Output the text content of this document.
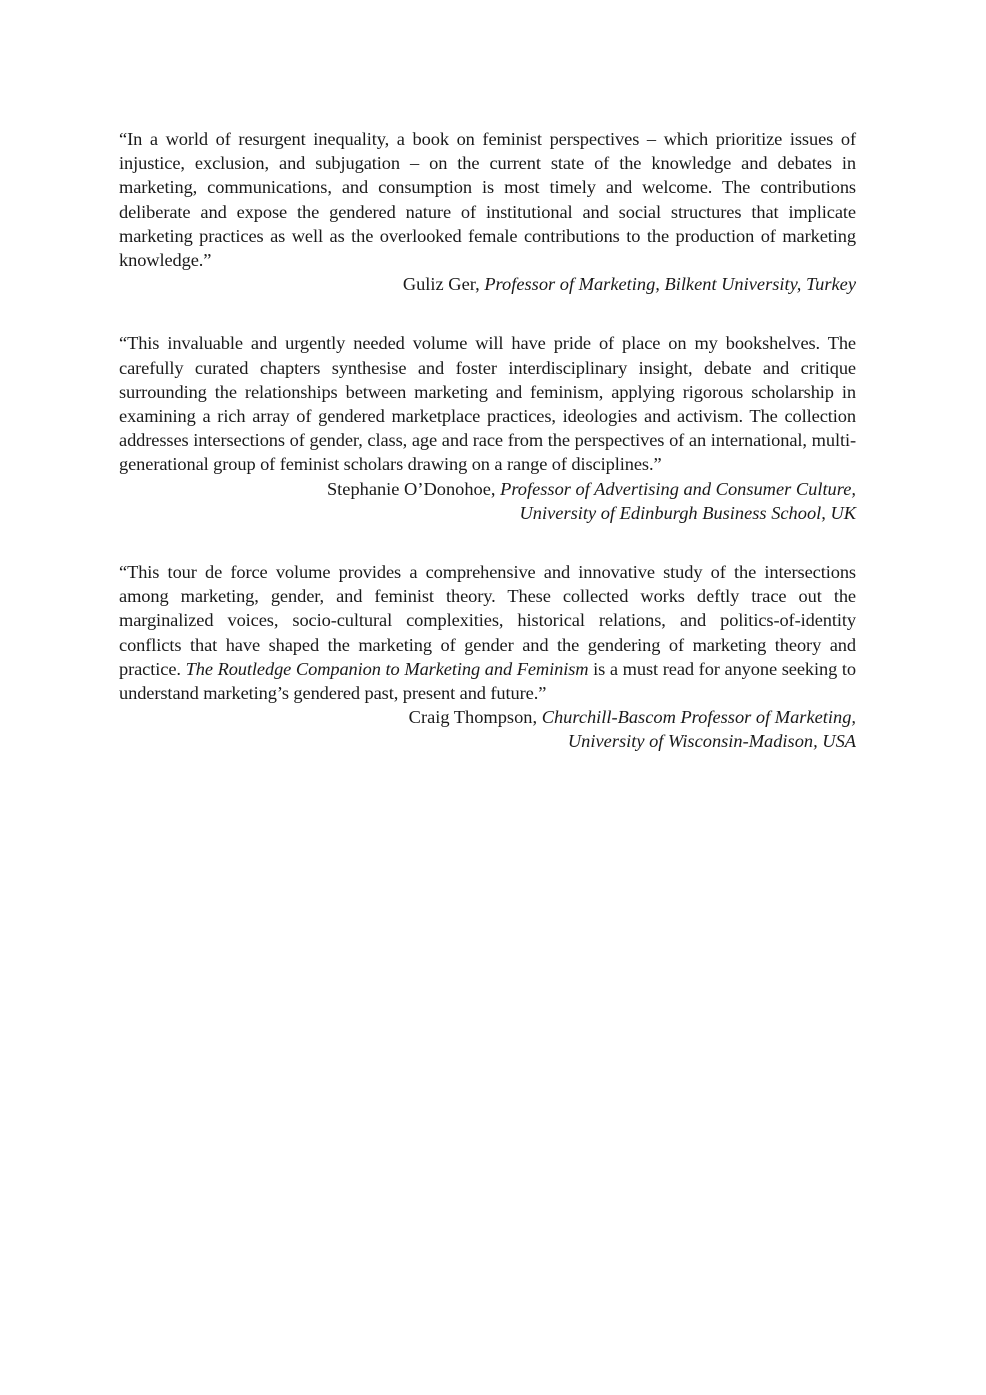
“In a world of resurgent inequality, a book on feminist perspectives – which prioritize issues of injustice, exclusion, and subjugation – on the current state of the knowledge and debates in marketing, communications, and consumption is most timely and welcome. The contributions deliberate and expose the gendered nature of institutional and social structures that implicate marketing practices as well as the overlooked female contributions to the production of marketing knowledge.”

Guliz Ger, Professor of Marketing, Bilkent University, Turkey

“This invaluable and urgently needed volume will have pride of place on my bookshelves. The carefully curated chapters synthesise and foster interdisciplinary insight, debate and critique surrounding the relationships between marketing and feminism, applying rigorous scholarship in examining a rich array of gendered marketplace practices, ideologies and activism. The collection addresses intersections of gender, class, age and race from the perspectives of an international, multi-generational group of feminist scholars drawing on a range of disciplines.”

Stephanie O’Donohoe, Professor of Advertising and Consumer Culture,
University of Edinburgh Business School, UK

“This tour de force volume provides a comprehensive and innovative study of the intersections among marketing, gender, and feminist theory. These collected works deftly trace out the marginalized voices, socio-cultural complexities, historical relations, and politics-of-identity conflicts that have shaped the marketing of gender and the gendering of marketing theory and practice. The Routledge Companion to Marketing and Feminism is a must read for anyone seeking to understand marketing’s gendered past, present and future.”

Craig Thompson, Churchill-Bascom Professor of Marketing,
University of Wisconsin-Madison, USA
